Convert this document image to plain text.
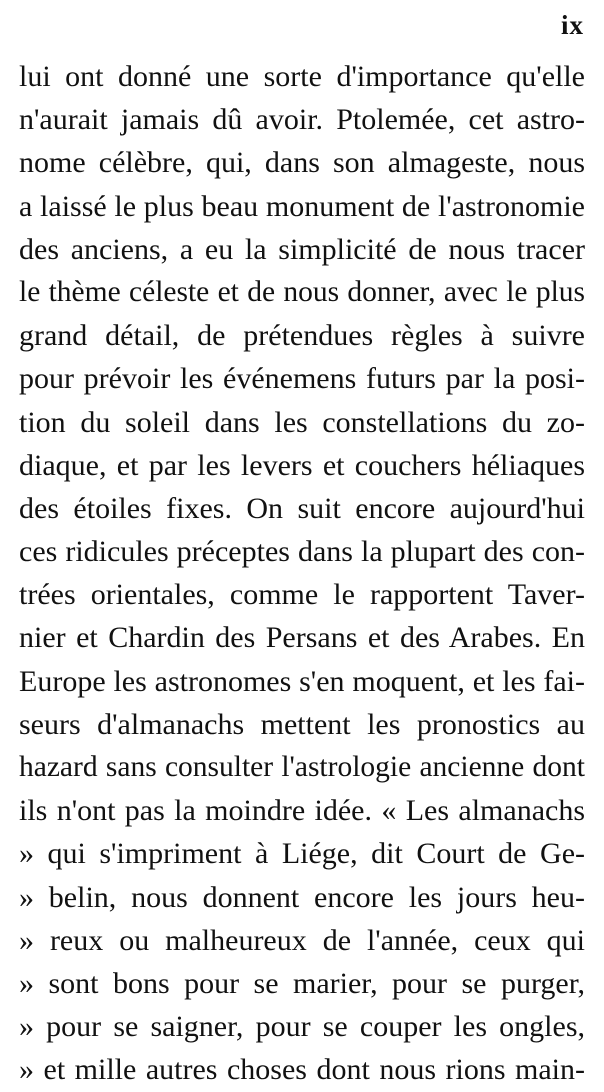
ix
lui ont donné une sorte d'importance qu'elle
n'aurait jamais dû avoir. Ptolemée, cet astro-
nome célèbre, qui, dans son almageste, nous
a laissé le plus beau monument de l'astronomie
des anciens, a eu la simplicité de nous tracer
le thème céleste et de nous donner, avec le plus
grand détail, de prétendues règles à suivre
pour prévoir les événemens futurs par la posi-
tion du soleil dans les constellations du zo-
diaque, et par les levers et couchers héliaques
des étoiles fixes. On suit encore aujourd'hui
ces ridicules préceptes dans la plupart des con-
trées orientales, comme le rapportent Taver-
nier et Chardin des Persans et des Arabes. En
Europe les astronomes s'en moquent, et les fai-
seurs d'almanachs mettent les pronostics au
hazard sans consulter l'astrologie ancienne dont
ils n'ont pas la moindre idée. « Les almanachs
» qui s'impriment à Liége, dit Court de Ge-
» belin, nous donnent encore les jours heu-
» reux ou malheureux de l'année, ceux qui
» sont bons pour se marier, pour se purger,
» pour se saigner, pour se couper les ongles,
» et mille autres choses dont nous rions main-
